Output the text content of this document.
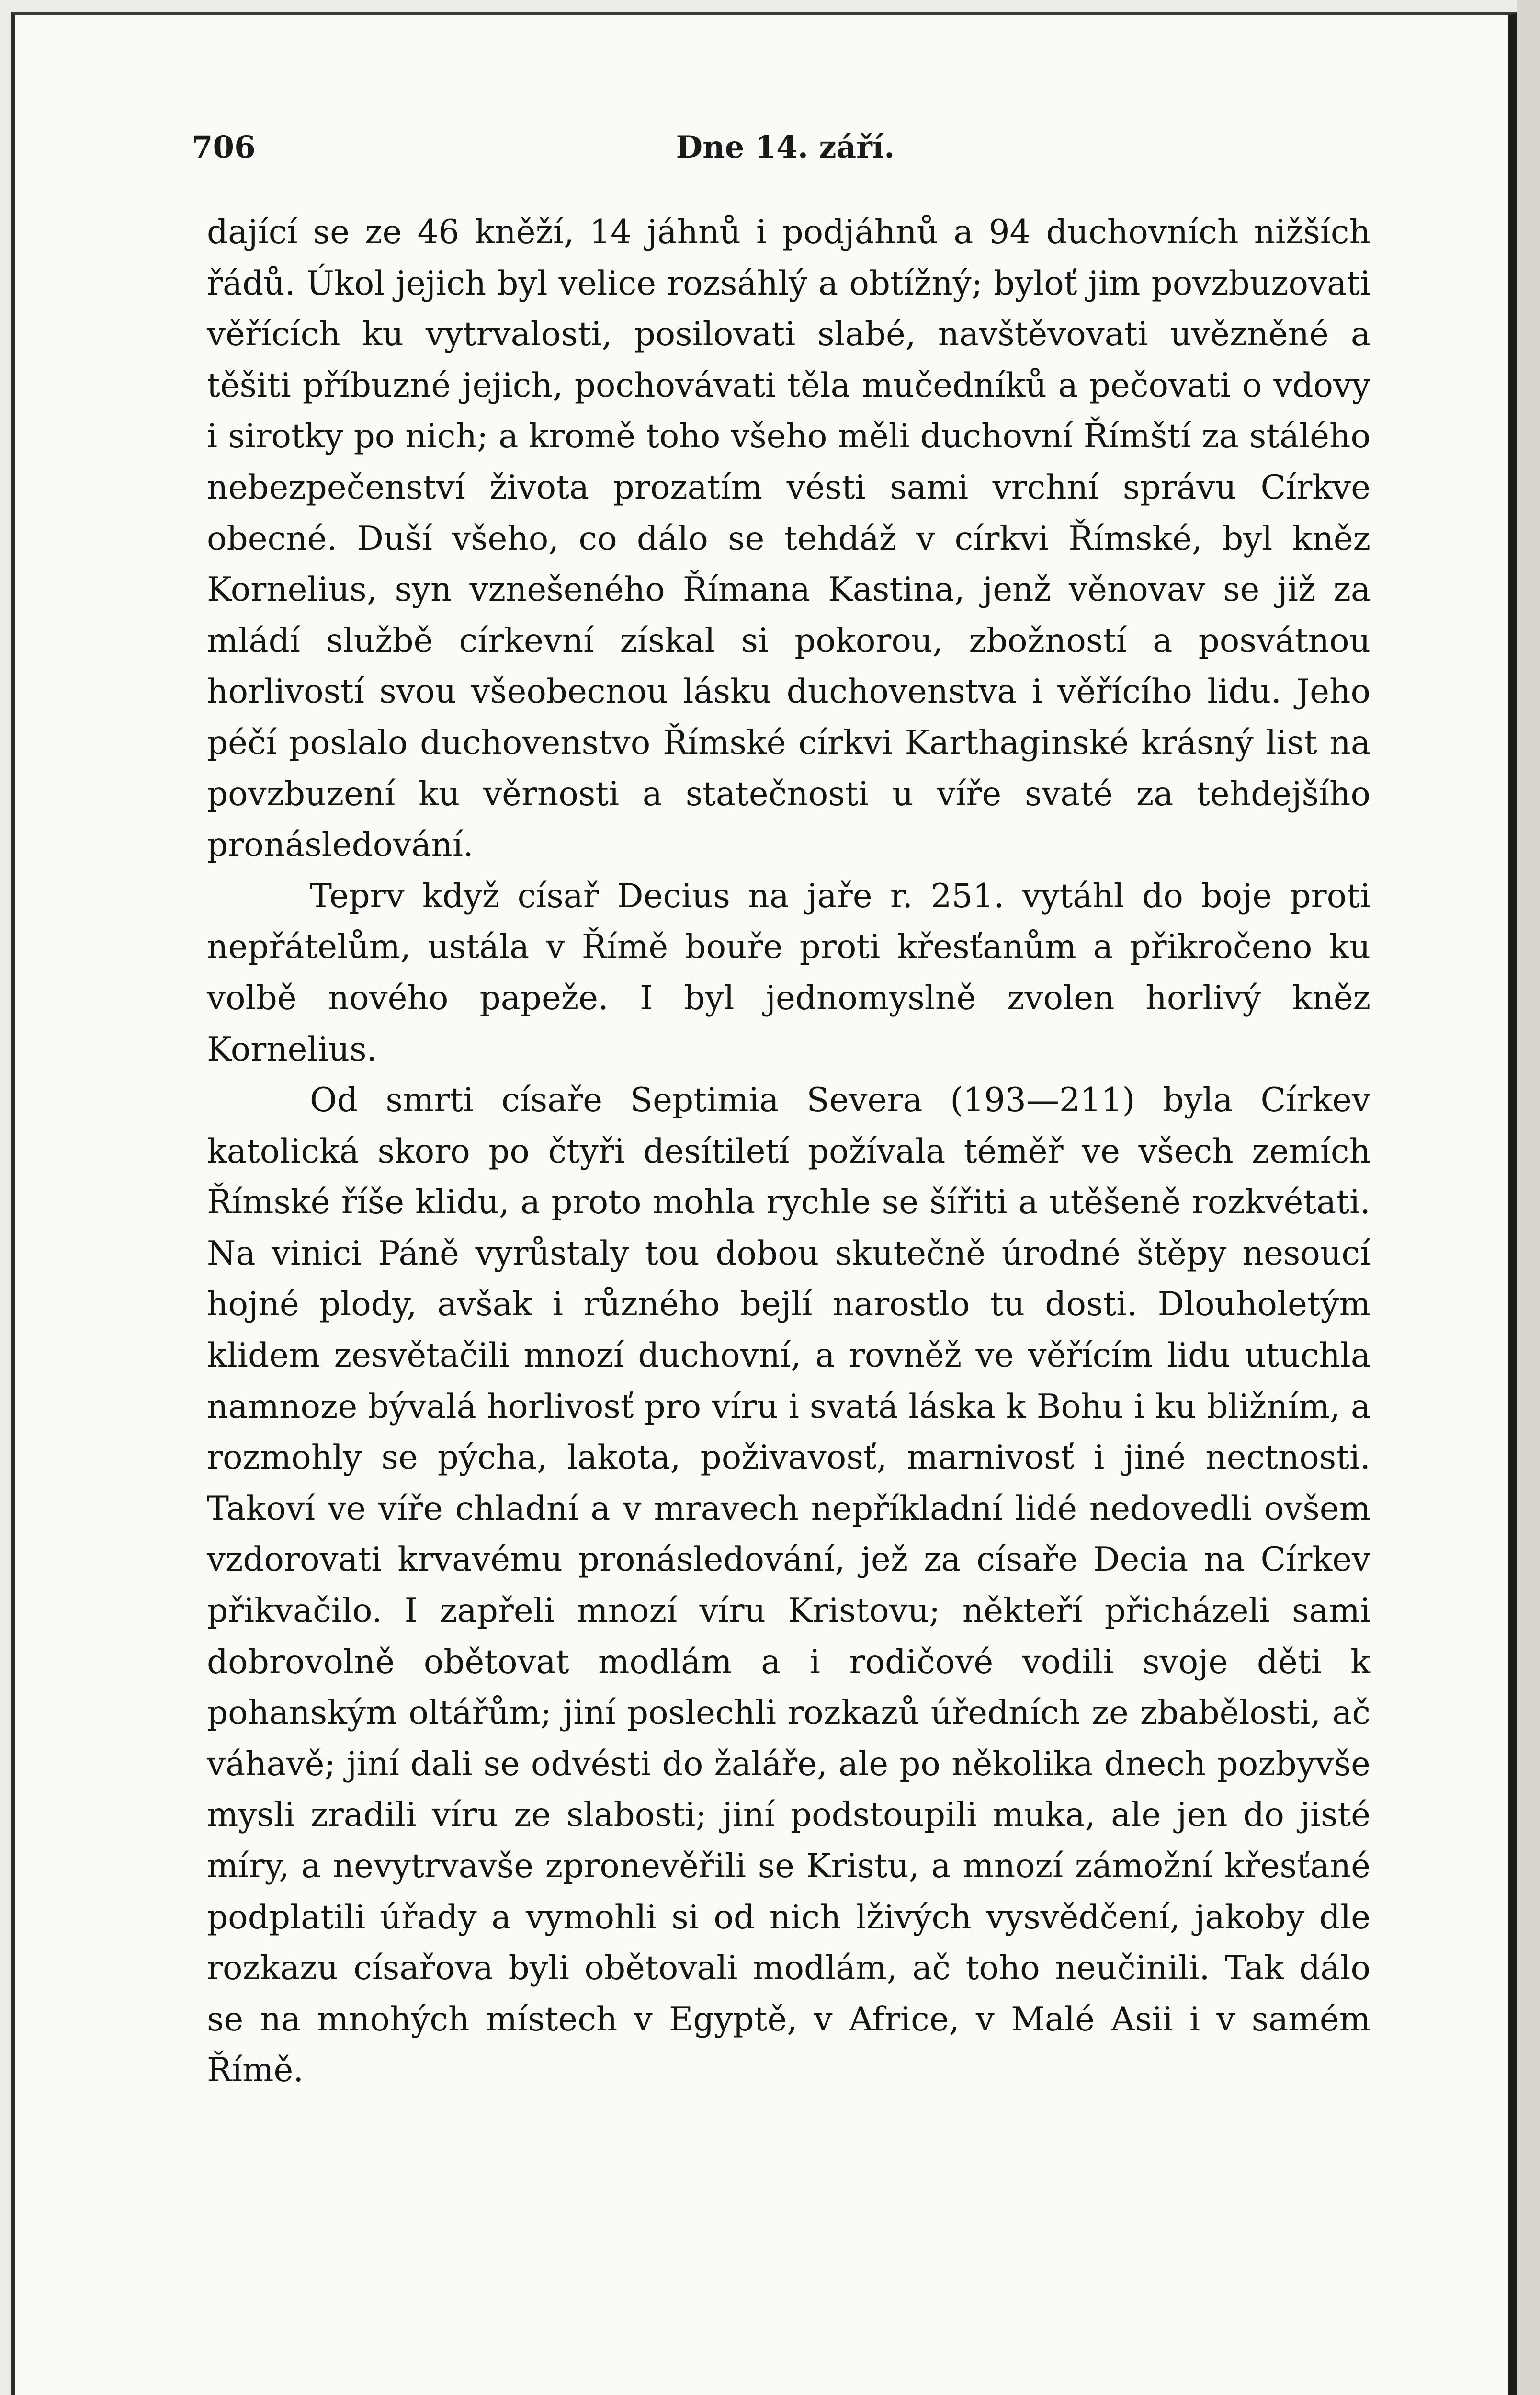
706	Dne 14. září.

dající se ze 46 kněží, 14 jáhnů i podjáhnů a 94 duchovních nižších řádů. Úkol jejich byl velice rozsáhlý a obtížný; byloť jim povzbuzovati věřících ku vytrvalosti, posilovati slabé, navštěvovati uvězněné a těšiti příbuzné jejich, pochovávati těla mučedníků a pečovati o vdovy i sirotky po nich; a kromě toho všeho měli duchovní Římští za stálého nebezpečenství života prozatím vésti sami vrchní správu Církve obecné. Duší všeho, co dálo se tehdáž v církvi Římské, byl kněz Kornelius, syn vznešeného Římana Kastina, jenž věnovav se již za mládí službě církevní získal si pokorou, zbožností a posvátnou horlivostí svou všeobecnou lásku duchovenstva i věřícího lidu. Jeho péčí poslalo duchovenstvo Římské církvi Karthaginské krásný list na povzbuzení ku věrnosti a statečnosti u víře svaté za tehdejšího pronásledování.

Teprv když císař Decius na jaře r. 251. vytáhl do boje proti nepřátelům, ustála v Římě bouře proti křesťanům a přikročeno ku volbě nového papeže. I byl jednomyslně zvolen horlivý kněz Kornelius.

Od smrti císaře Septimia Severa (193—211) byla Církev katolická skoro po čtyři desítiletí požívala téměř ve všech zemích Římské říše klidu, a proto mohla rychle se šířiti a utěšeně rozkvétati. Na vinici Páně vyrůstaly tou dobou skutečně úrodné štěpy nesoucí hojné plody, avšak i různého bejlí narostlo tu dosti. Dlouholetým klidem zesvětačili mnozí duchovní, a rovněž ve věřícím lidu utuchla namnoze bývalá horlivosť pro víru i svatá láska k Bohu i ku bližním, a rozmohly se pýcha, lakota, poživavosť, marnivosť i jiné nectnosti. Takoví ve víře chladní a v mravech nepříkladní lidé nedovedli ovšem vzdorovati krvavému pronásledování, jež za císaře Decia na Církev přikvačilo. I zapřeli mnozí víru Kristovu; někteří přicházeli sami dobrovolně obětovat modlám a i rodičové vodili svoje děti k pohanským oltářům; jiní poslechli rozkazů úředních ze zbabělosti, ač váhavě; jiní dali se odvésti do žaláře, ale po několika dnech pozbyvše mysli zradili víru ze slabosti; jiní podstoupili muka, ale jen do jisté míry, a nevytrvavše zpronevěřili se Kristu, a mnozí zámožní křesťané podplatili úřady a vymohli si od nich lživých vysvědčení, jakoby dle rozkazu císařova byli obětovali modlám, ač toho neučinili. Tak dálo se na mnohých místech v Egyptě, v Africe, v Malé Asii i v samém Římě.
